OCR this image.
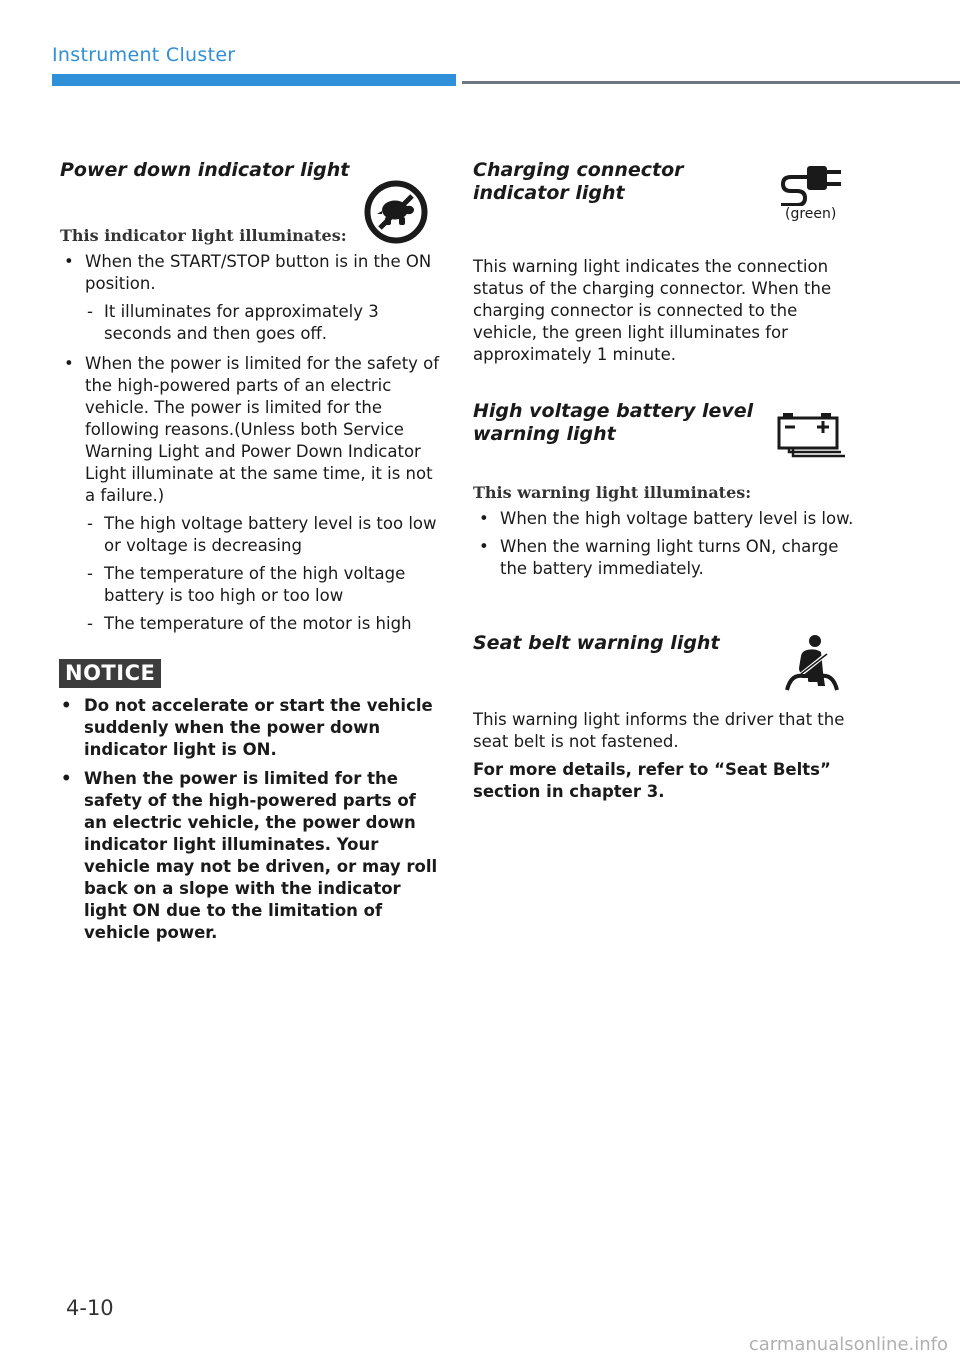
Instrument Cluster
Power down indicator light
This indicator light illuminates:
• When the START/STOP button is in the ON position.
- It illuminates for approximately 3 seconds and then goes off.
• When the power is limited for the safety of the high-powered parts of an electric vehicle. The power is limited for the following reasons.(Unless both Service Warning Light and Power Down Indicator Light illuminate at the same time, it is not a failure.)
- The high voltage battery level is too low or voltage is decreasing
- The temperature of the high voltage battery is too high or too low
- The temperature of the motor is high
NOTICE
• Do not accelerate or start the vehicle suddenly when the power down indicator light is ON.
• When the power is limited for the safety of the high-powered parts of an electric vehicle, the power down indicator light illuminates. Your vehicle may not be driven, or may roll back on a slope with the indicator light ON due to the limitation of vehicle power.
Charging connector
indicator light
(green)

This warning light indicates the connection status of the charging connector. When the charging connector is connected to the vehicle, the green light illuminates for approximately 1 minute.

High voltage battery level
warning light
This warning light illuminates:
• When the high voltage battery level is low.
• When the warning light turns ON, charge the battery immediately.
Seat belt warning light

This warning light informs the driver that the seat belt is not fastened.

For more details, refer to “Seat Belts” section in chapter 3.

4-10
carmanualsonline.info
